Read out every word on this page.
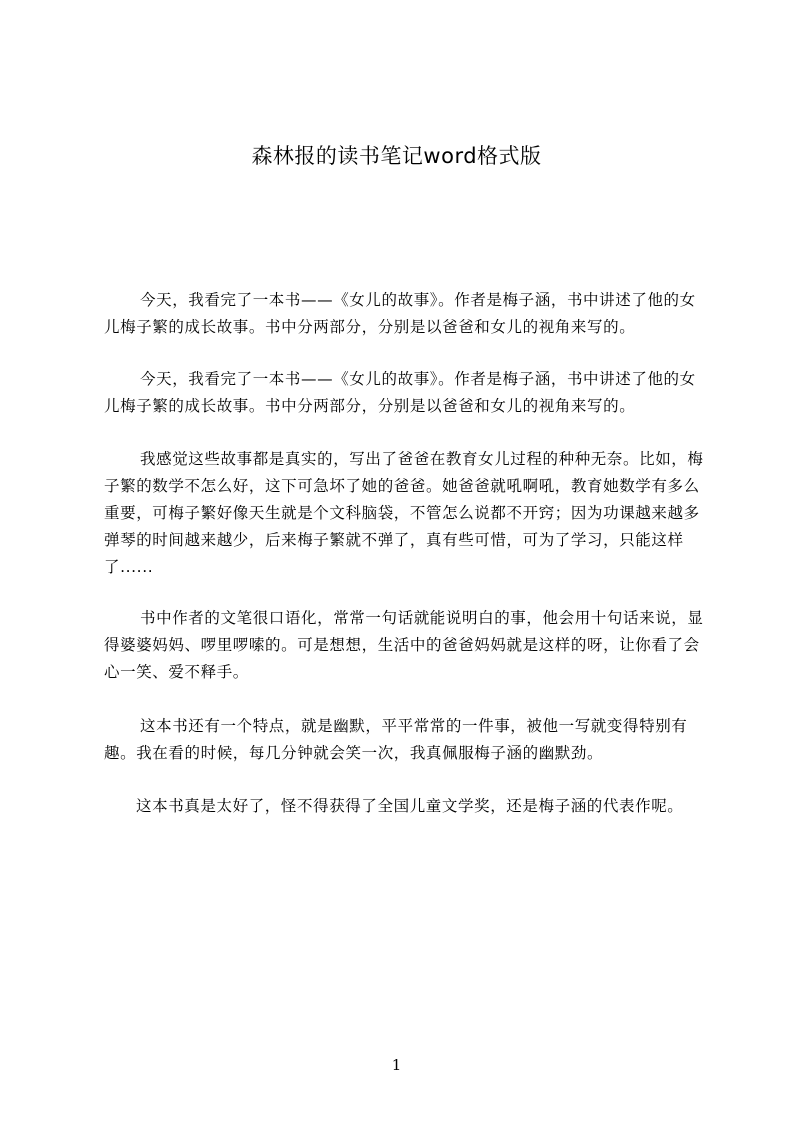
森林报的读书笔记word格式版

今天，我看完了一本书——《女儿的故事》。作者是梅子涵，书中讲述了他的女儿梅子繁的成长故事。书中分两部分，分别是以爸爸和女儿的视角来写的。

今天，我看完了一本书——《女儿的故事》。作者是梅子涵，书中讲述了他的女儿梅子繁的成长故事。书中分两部分，分别是以爸爸和女儿的视角来写的。

我感觉这些故事都是真实的，写出了爸爸在教育女儿过程的种种无奈。比如，梅子繁的数学不怎么好，这下可急坏了她的爸爸。她爸爸就吼啊吼，教育她数学有多么重要，可梅子繁好像天生就是个文科脑袋，不管怎么说都不开窍；因为功课越来越多弹琴的时间越来越少，后来梅子繁就不弹了，真有些可惜，可为了学习，只能这样了......

书中作者的文笔很口语化，常常一句话就能说明白的事，他会用十句话来说，显得婆婆妈妈、啰里啰嗦的。可是想想，生活中的爸爸妈妈就是这样的呀，让你看了会心一笑、爱不释手。

这本书还有一个特点，就是幽默，平平常常的一件事，被他一写就变得特别有趣。我在看的时候，每几分钟就会笑一次，我真佩服梅子涵的幽默劲。

这本书真是太好了，怪不得获得了全国儿童文学奖，还是梅子涵的代表作呢。

1
